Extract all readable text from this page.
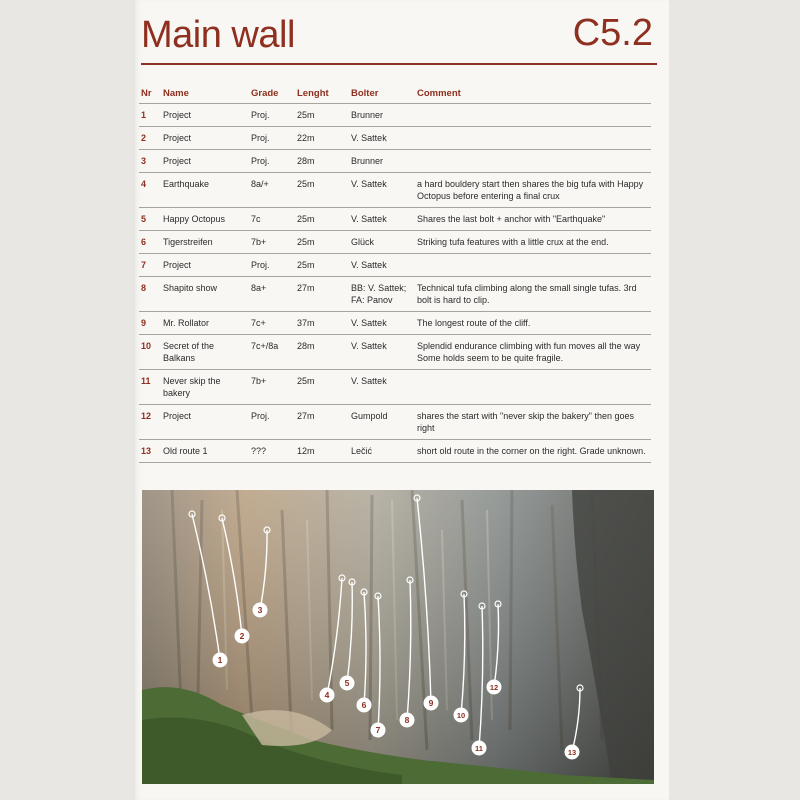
Main wall	C5.2
Nr	Name	Grade	Lenght	Bolter	Comment
1	Project	Proj.	25m	Brunner	
2	Project	Proj.	22m	V. Sattek	
3	Project	Proj.	28m	Brunner	
4	Earthquake	8a/+	25m	V. Sattek	a hard bouldery start then shares the big tufa with Happy Octopus before entering a final crux
5	Happy Octopus	7c	25m	V. Sattek	Shares the last bolt + anchor with "Earthquake"
6	Tigerstreifen	7b+	25m	Glück	Striking tufa features with a little crux at the end.
7	Project	Proj.	25m	V. Sattek	
8	Shapito show	8a+	27m	BB: V. Sattek; FA: Panov	Technical tufa climbing along the small single tufas. 3rd bolt is hard to clip.
9	Mr. Rollator	7c+	37m	V. Sattek	The longest route of the cliff.
10	Secret of the Balkans	7c+/8a	28m	V. Sattek	Splendid endurance climbing with fun moves all the way Some holds seem to be quite fragile.
11	Never skip the bakery	7b+	25m	V. Sattek	
12	Project	Proj.	27m	Gumpold	shares the start with "never skip the bakery" then goes right
13	Old route 1	???	12m	Lečić	short old route in the corner on the right. Grade unknown.
1
2
3
4
5
6
7
8
9
10
11
12
13
